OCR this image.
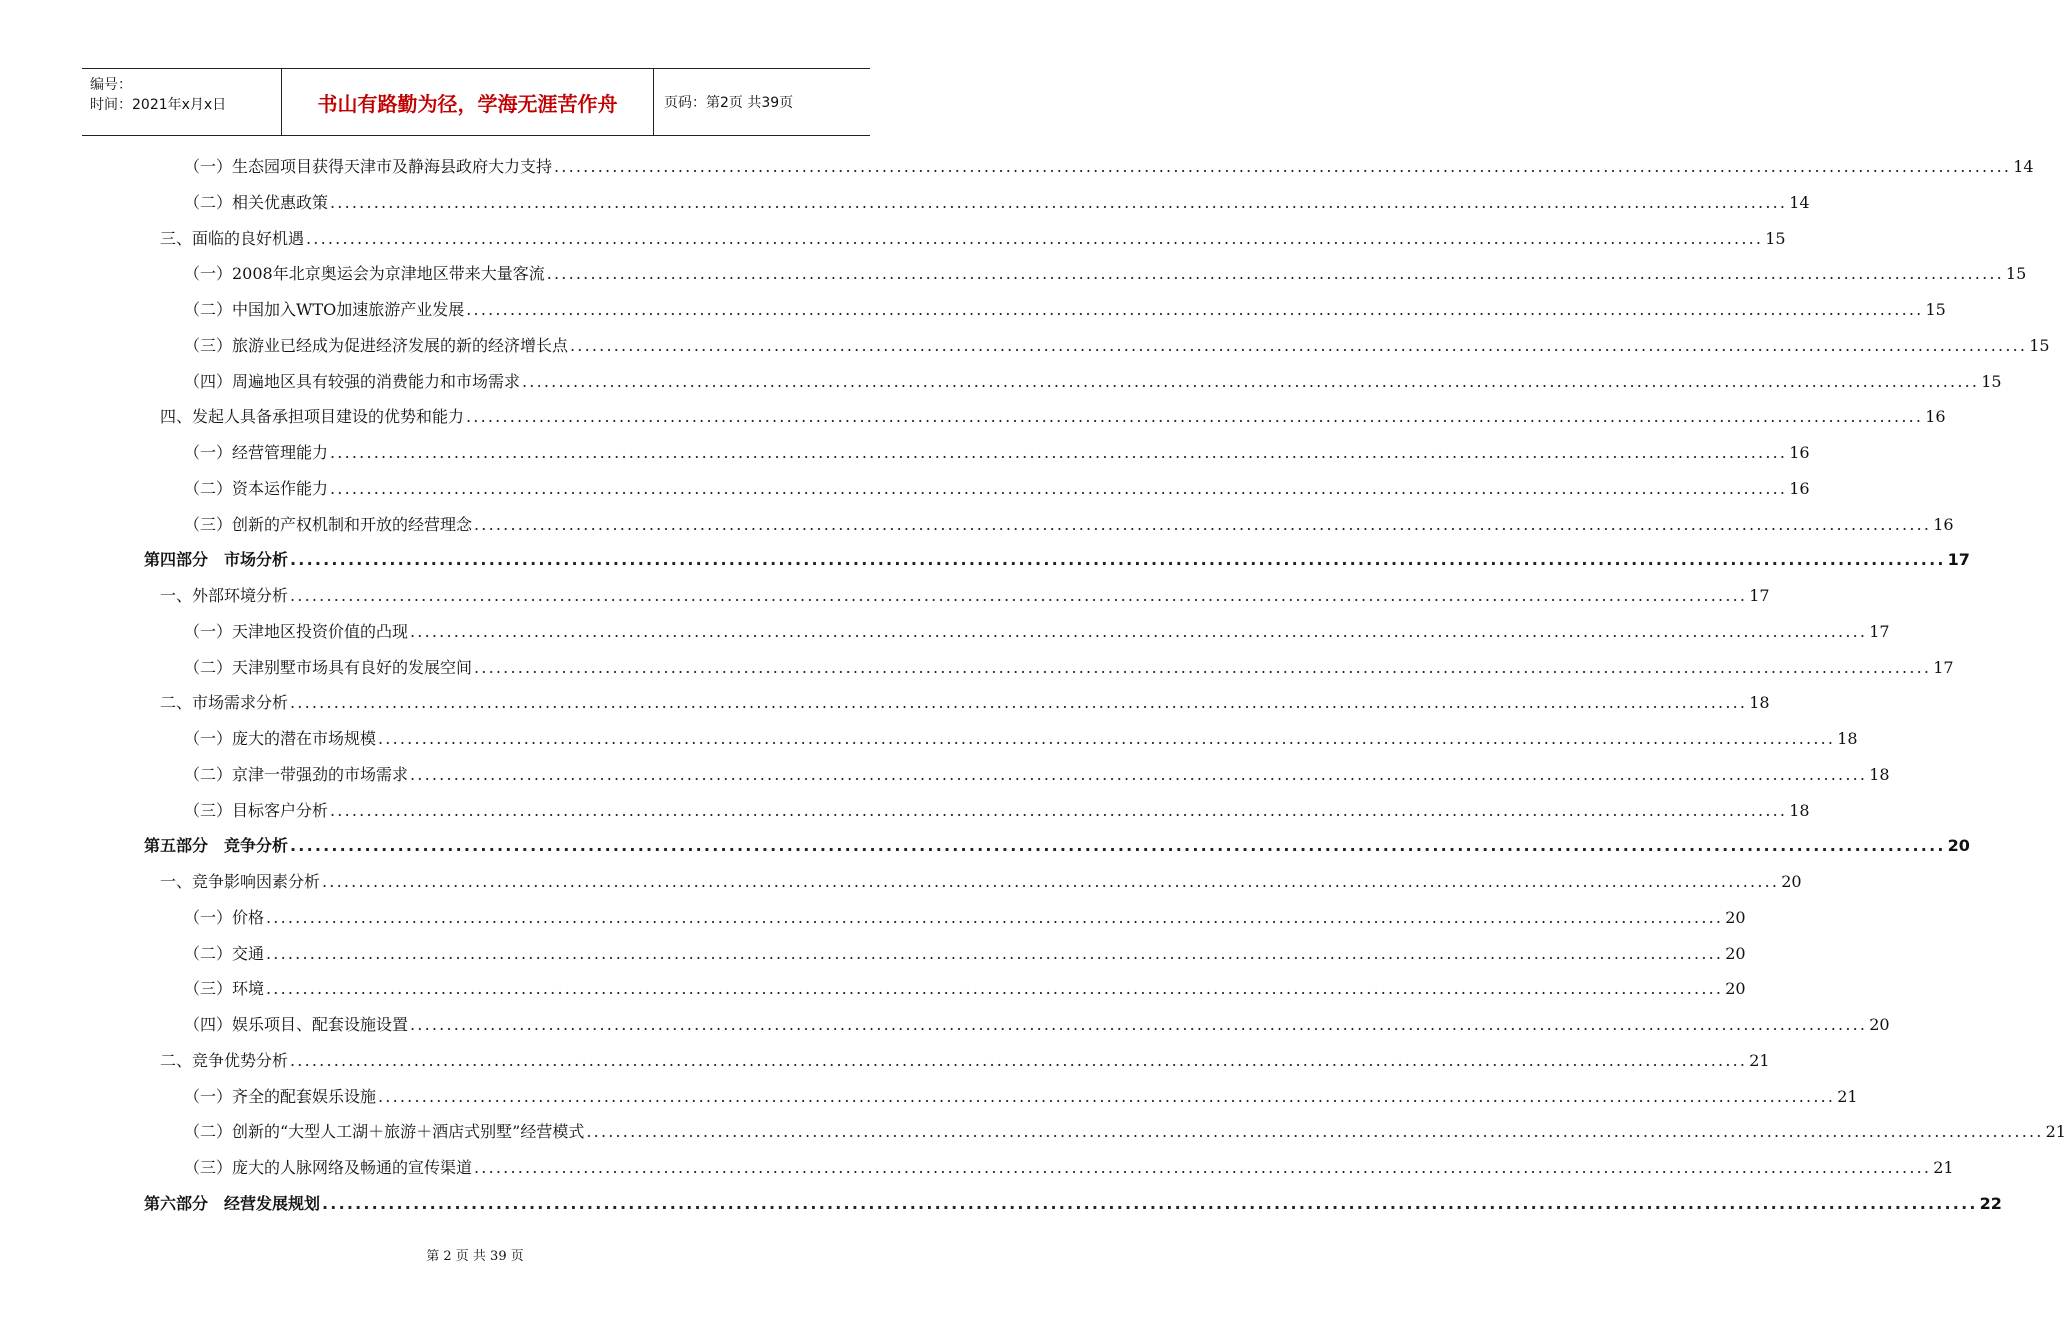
编号：
时间：2021年x月x日	书山有路勤为径，学海无涯苦作舟	页码：第2页 共39页
（一）生态园项目获得天津市及静海县政府大力支持 ........................................................................................................................................................................................................ 14
（二）相关优惠政策 ........................................................................................................................................................................................................ 14
三、面临的良好机遇 ........................................................................................................................................................................................................ 15
（一）2008年北京奥运会为京津地区带来大量客流 ........................................................................................................................................................................................................ 15
（二）中国加入WTO加速旅游产业发展 ........................................................................................................................................................................................................ 15
（三）旅游业已经成为促进经济发展的新的经济增长点 ........................................................................................................................................................................................................ 15
（四）周遍地区具有较强的消费能力和市场需求 ........................................................................................................................................................................................................ 15
四、发起人具备承担项目建设的优势和能力 ........................................................................................................................................................................................................ 16
（一）经营管理能力 ........................................................................................................................................................................................................ 16
（二）资本运作能力 ........................................................................................................................................................................................................ 16
（三）创新的产权机制和开放的经营理念 ........................................................................................................................................................................................................ 16
第四部分　市场分析 ........................................................................................................................................................................................................ 17
一、外部环境分析 ........................................................................................................................................................................................................ 17
（一）天津地区投资价值的凸现 ........................................................................................................................................................................................................ 17
（二）天津别墅市场具有良好的发展空间 ........................................................................................................................................................................................................ 17
二、市场需求分析 ........................................................................................................................................................................................................ 18
（一）庞大的潜在市场规模 ........................................................................................................................................................................................................ 18
（二）京津一带强劲的市场需求 ........................................................................................................................................................................................................ 18
（三）目标客户分析 ........................................................................................................................................................................................................ 18
第五部分　竞争分析 ........................................................................................................................................................................................................ 20
一、竞争影响因素分析 ........................................................................................................................................................................................................ 20
（一）价格 ........................................................................................................................................................................................................ 20
（二）交通 ........................................................................................................................................................................................................ 20
（三）环境 ........................................................................................................................................................................................................ 20
（四）娱乐项目、配套设施设置 ........................................................................................................................................................................................................ 20
二、竞争优势分析 ........................................................................................................................................................................................................ 21
（一）齐全的配套娱乐设施 ........................................................................................................................................................................................................ 21
（二）创新的“大型人工湖＋旅游＋酒店式别墅”经营模式 ........................................................................................................................................................................................................ 21
（三）庞大的人脉网络及畅通的宣传渠道 ........................................................................................................................................................................................................ 21
第六部分　经营发展规划 ........................................................................................................................................................................................................ 22
第 2 页 共 39 页
